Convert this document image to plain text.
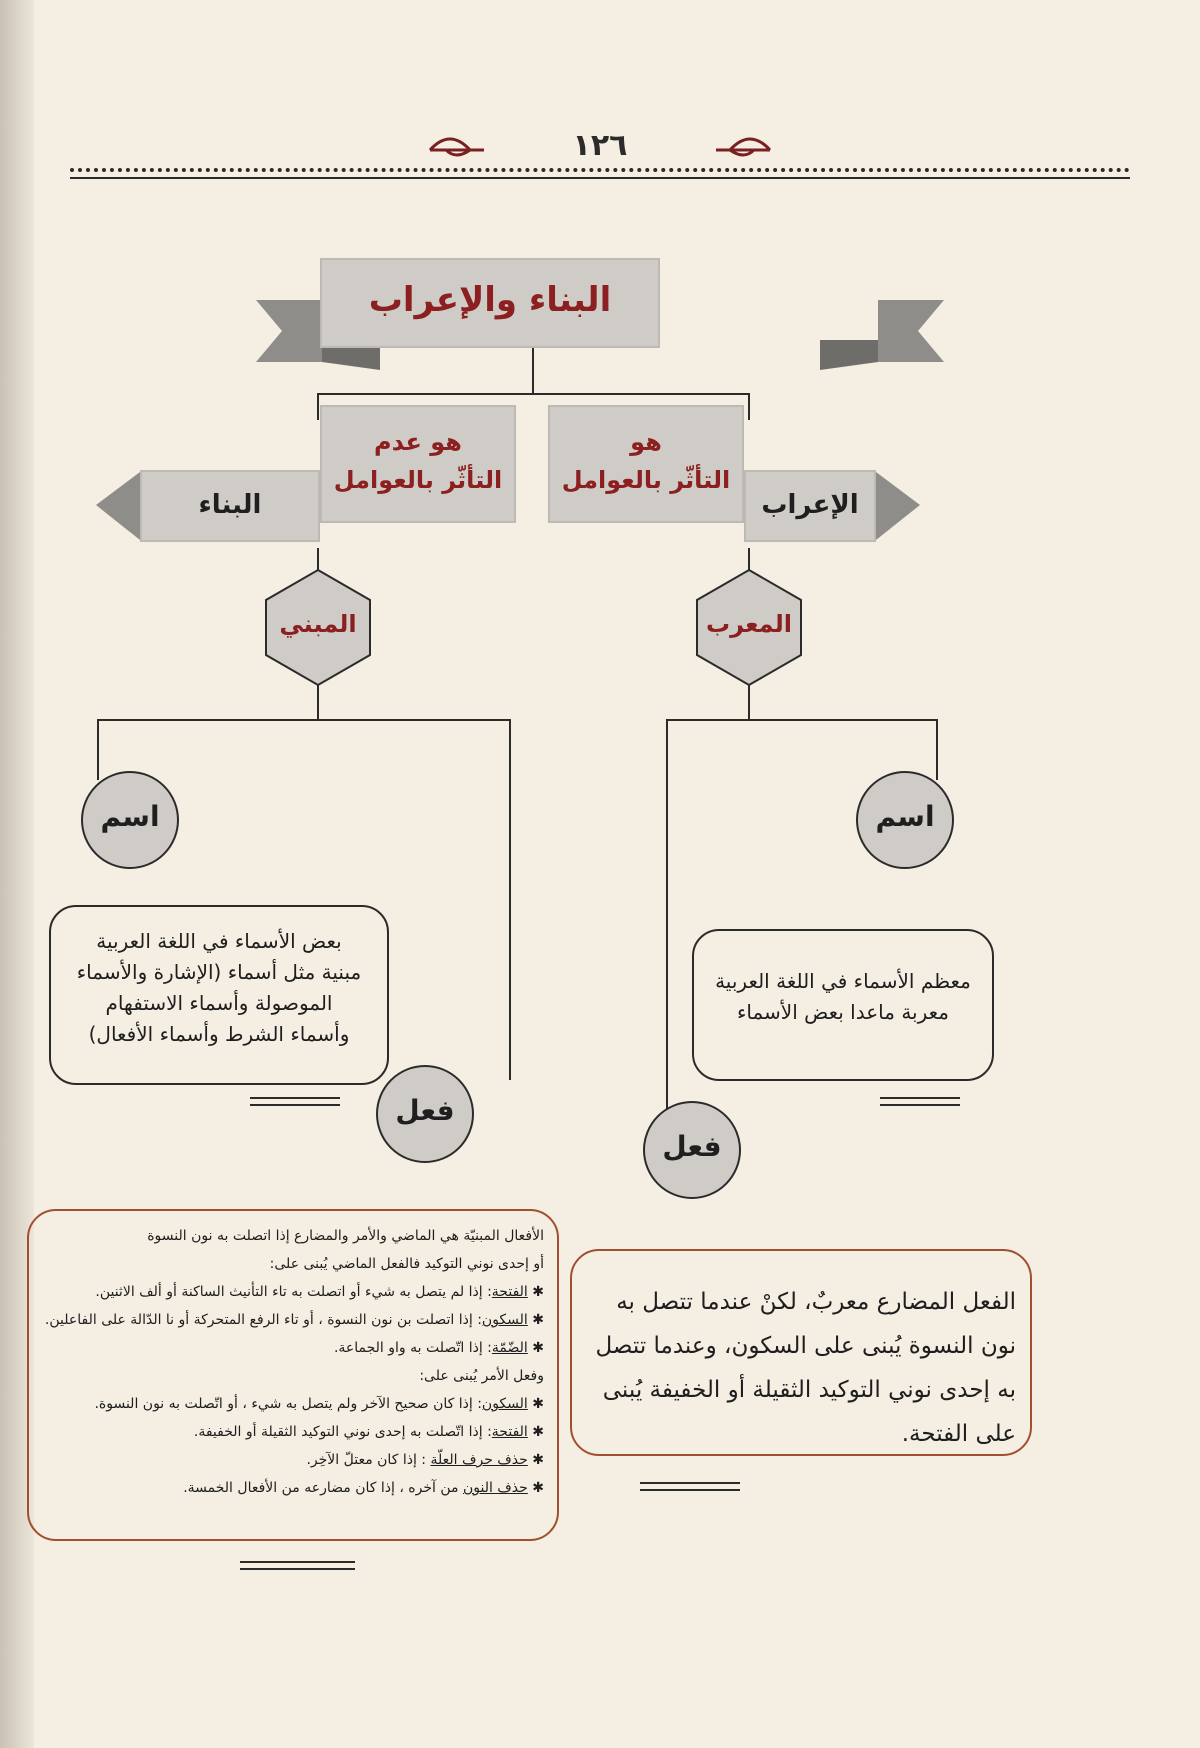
١٢٦
البناء والإعراب
هو عدم
التأثّر بالعوامل
هو
التأثّر بالعوامل
البناء	الإعراب
المبني	المعرب
اسم	اسم
فعل
فعل
بعض الأسماء في اللغة العربية
مبنية مثل أسماء (الإشارة والأسماء
الموصولة وأسماء الاستفهام
وأسماء الشرط وأسماء الأفعال)
معظم الأسماء في اللغة العربية
معربة ماعدا بعض الأسماء
الفعل المضارع معربٌ، لكنْ عندما تتصل به
نون النسوة يُبنى على السكون، وعندما تتصل
به إحدى نوني التوكيد الثقيلة أو الخفيفة يُبنى
على الفتحة.
الأفعال المبنيّة هي الماضي والأمر والمضارع إذا اتصلت به نون النسوة
أو إحدى نوني التوكيد فالفعل الماضي يُبنى على:
✱ الفتحة: إذا لم يتصل به شيء أو اتصلت به تاء التأنيث الساكنة أو ألف الاثنين.
✱ السكون: إذا اتصلت بن نون النسوة ، أو تاء الرفع المتحركة أو نا الدّالة على الفاعلين.
✱ الضّمّة: إذا اتّصلت به واو الجماعة.
وفعل الأمر يُبنى على:
✱ السكون: إذا كان صحيح الآخر ولم يتصل به شيء ، أو اتّصلت به نون النسوة.
✱ الفتحة: إذا اتّصلت به إحدى نوني التوكيد الثقيلة أو الخفيفة.
✱ حذف حرف العلّة : إذا كان معتلّ الآخِر.
✱ حذف النون من آخره ، إذا كان مضارعه من الأفعال الخمسة.
